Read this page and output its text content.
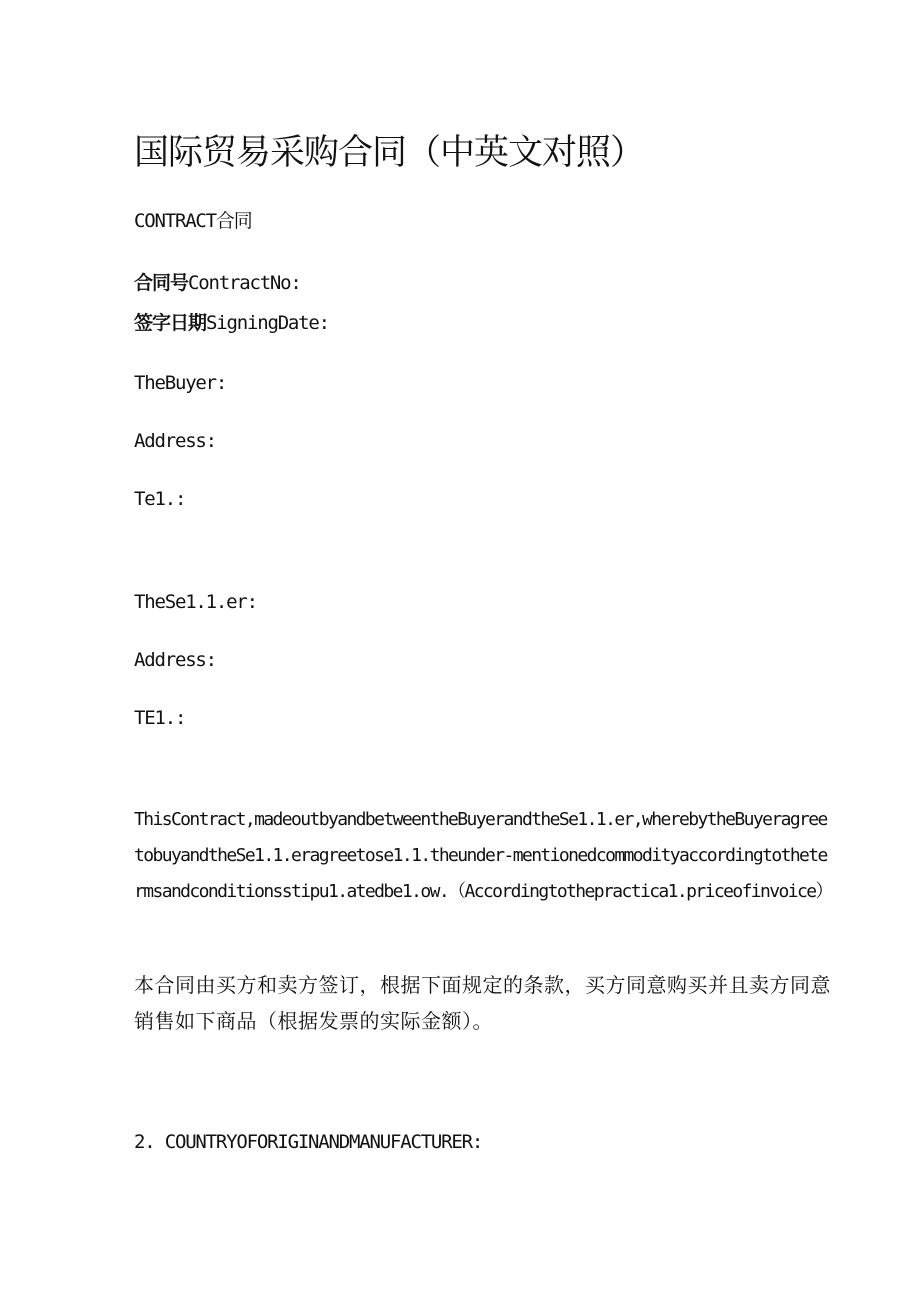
国际贸易采购合同（中英文对照）

CONTRACT合同

合同号ContractNo:

签字日期SigningDate:

TheBuyer:

Address:

Te1.:

TheSe1.1.er:

Address:

TE1.:

ThisContract,madeoutbyandbetweentheBuyerandtheSe1.1.er,wherebytheBuyeragreetobuyandtheSe1.1.eragreetose1.1.theunder-mentionedcommodityaccordingtothetermsandconditionsstipu1.atedbe1.ow.（Accordingtothepractica1.priceofinvoice）

本合同由买方和卖方签订，根据下面规定的条款，买方同意购买并且卖方同意销售如下商品（根据发票的实际金额）。

2. COUNTRYOFORIGINANDMANUFACTURER:
